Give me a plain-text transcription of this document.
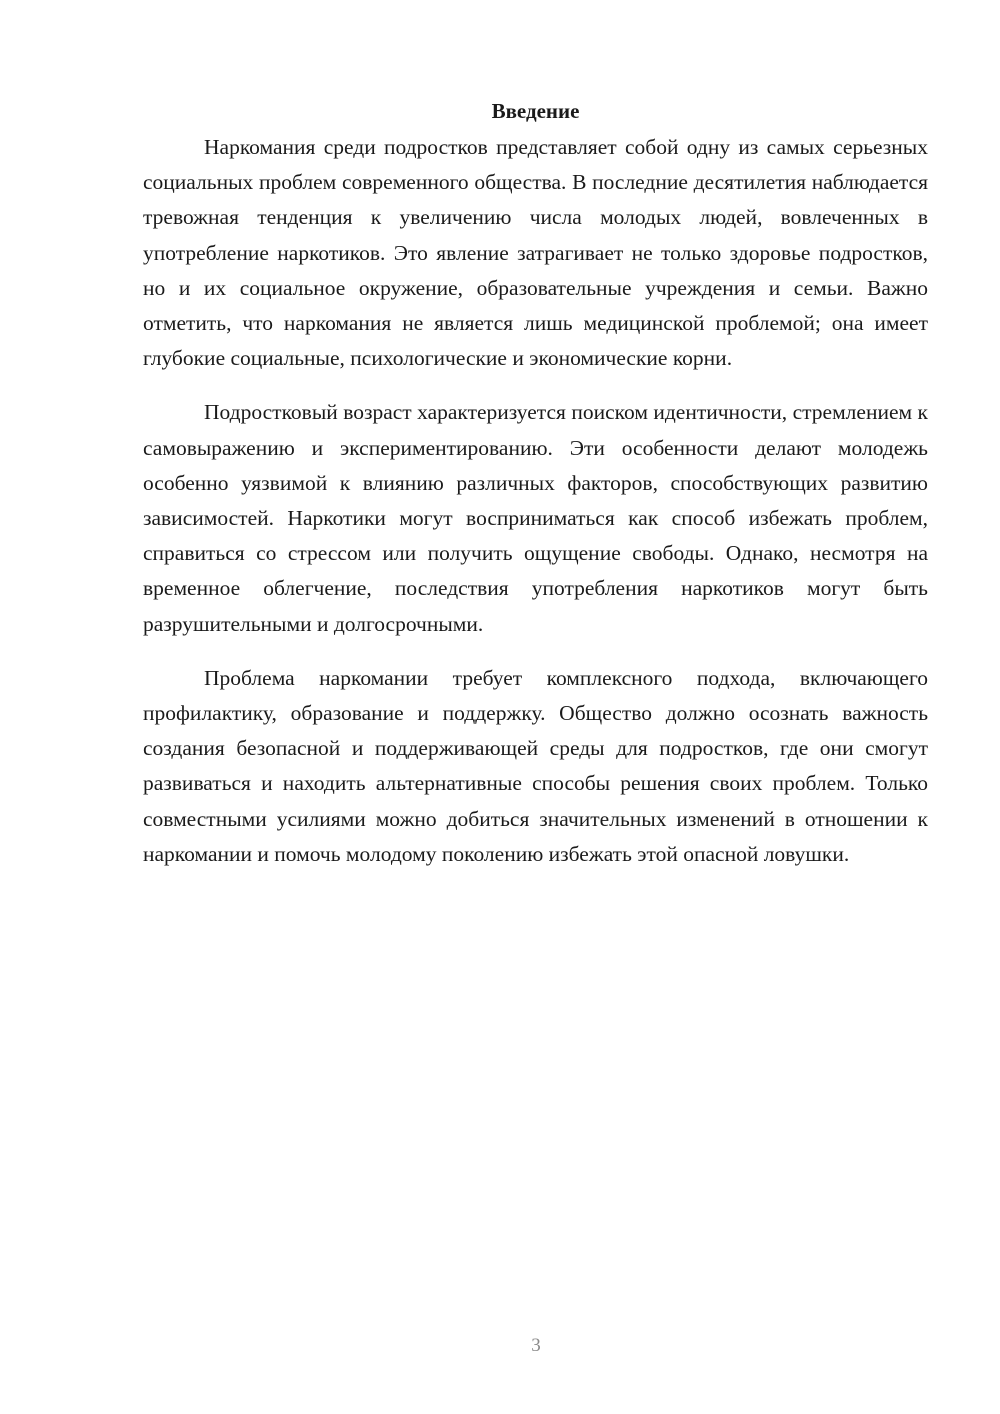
Введение

Наркомания среди подростков представляет собой одну из самых серьезных социальных проблем современного общества. В последние десятилетия наблюдается тревожная тенденция к увеличению числа молодых людей, вовлеченных в употребление наркотиков. Это явление затрагивает не только здоровье подростков, но и их социальное окружение, образовательные учреждения и семьи. Важно отметить, что наркомания не является лишь медицинской проблемой; она имеет глубокие социальные, психологические и экономические корни.

Подростковый возраст характеризуется поиском идентичности, стремлением к самовыражению и экспериментированию. Эти особенности делают молодежь особенно уязвимой к влиянию различных факторов, способствующих развитию зависимостей. Наркотики могут восприниматься как способ избежать проблем, справиться со стрессом или получить ощущение свободы. Однако, несмотря на временное облегчение, последствия употребления наркотиков могут быть разрушительными и долгосрочными.

Проблема наркомании требует комплексного подхода, включающего профилактику, образование и поддержку. Общество должно осознать важность создания безопасной и поддерживающей среды для подростков, где они смогут развиваться и находить альтернативные способы решения своих проблем. Только совместными усилиями можно добиться значительных изменений в отношении к наркомании и помочь молодому поколению избежать этой опасной ловушки.

3
